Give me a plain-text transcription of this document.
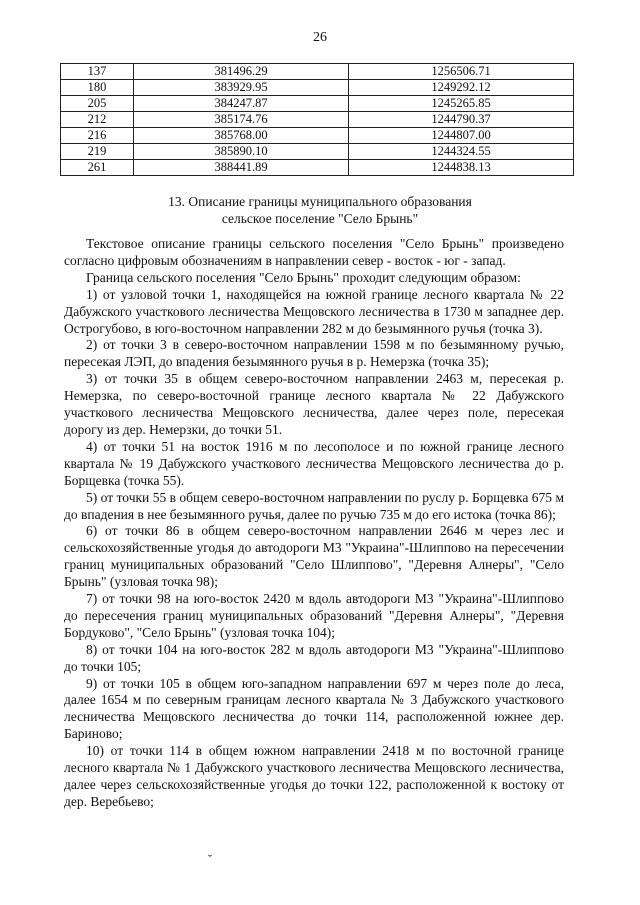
26
137	381496.29	1256506.71
180	383929.95	1249292.12
205	384247.87	1245265.85
212	385174.76	1244790.37
216	385768.00	1244807.00
219	385890.10	1244324.55
261	388441.89	1244838.13
13. Описание границы муниципального образования
сельское поселение "Село Брынь"

Текстовое описание границы сельского поселения "Село Брынь" произведено согласно цифровым обозначениям в направлении север - восток - юг - запад.

Граница сельского поселения "Село Брынь" проходит следующим образом:

1) от узловой точки 1, находящейся на южной границе лесного квартала № 22 Дабужского участкового лесничества Мещовского лесничества в 1730 м западнее дер. Острогубово, в юго-восточном направлении 282 м до безымянного ручья (точка 3).

2) от точки 3 в северо-восточном направлении 1598 м по безымянному ручью, пересекая ЛЭП, до впадения безымянного ручья в р. Немерзка (точка 35);

3) от точки 35 в общем северо-восточном направлении 2463 м, пересекая р. Немерзка, по северо-восточной границе лесного квартала № 22 Дабужского участкового лесничества Мещовского лесничества, далее через поле, пересекая дорогу из дер. Немерзки, до точки 51.

4) от точки 51 на восток 1916 м по лесополосе и по южной границе лесного квартала № 19 Дабужского участкового лесничества Мещовского лесничества до р. Борщевка (точка 55).

5) от точки 55 в общем северо-восточном направлении по руслу р. Борщевка 675 м до впадения в нее безымянного ручья, далее по ручью 735 м до его истока (точка 86);

6) от точки 86 в общем северо-восточном направлении 2646 м через лес и сельскохозяйственные угодья до автодороги М3 "Украина"-Шлиппово на пересечении границ муниципальных образований "Село Шлиппово", "Деревня Алнеры", "Село Брынь" (узловая точка 98);

7) от точки 98 на юго-восток 2420 м вдоль автодороги М3 "Украина"-Шлиппово до пересечения границ муниципальных образований "Деревня Алнеры", "Деревня Бордуково", "Село Брынь" (узловая точка 104);

8) от точки 104 на юго-восток 282 м вдоль автодороги М3 "Украина"-Шлиппово до точки 105;

9) от точки 105 в общем юго-западном направлении 697 м через поле до леса, далее 1654 м по северным границам лесного квартала № 3 Дабужского участкового лесничества Мещовского лесничества до точки 114, расположенной южнее дер. Бариново;

10) от точки 114 в общем южном направлении 2418 м по восточной границе лесного квартала № 1 Дабужского участкового лесничества Мещовского лесничества, далее через сельскохозяйственные угодья до точки 122, расположенной к востоку от дер. Веребьево;

ˇ
